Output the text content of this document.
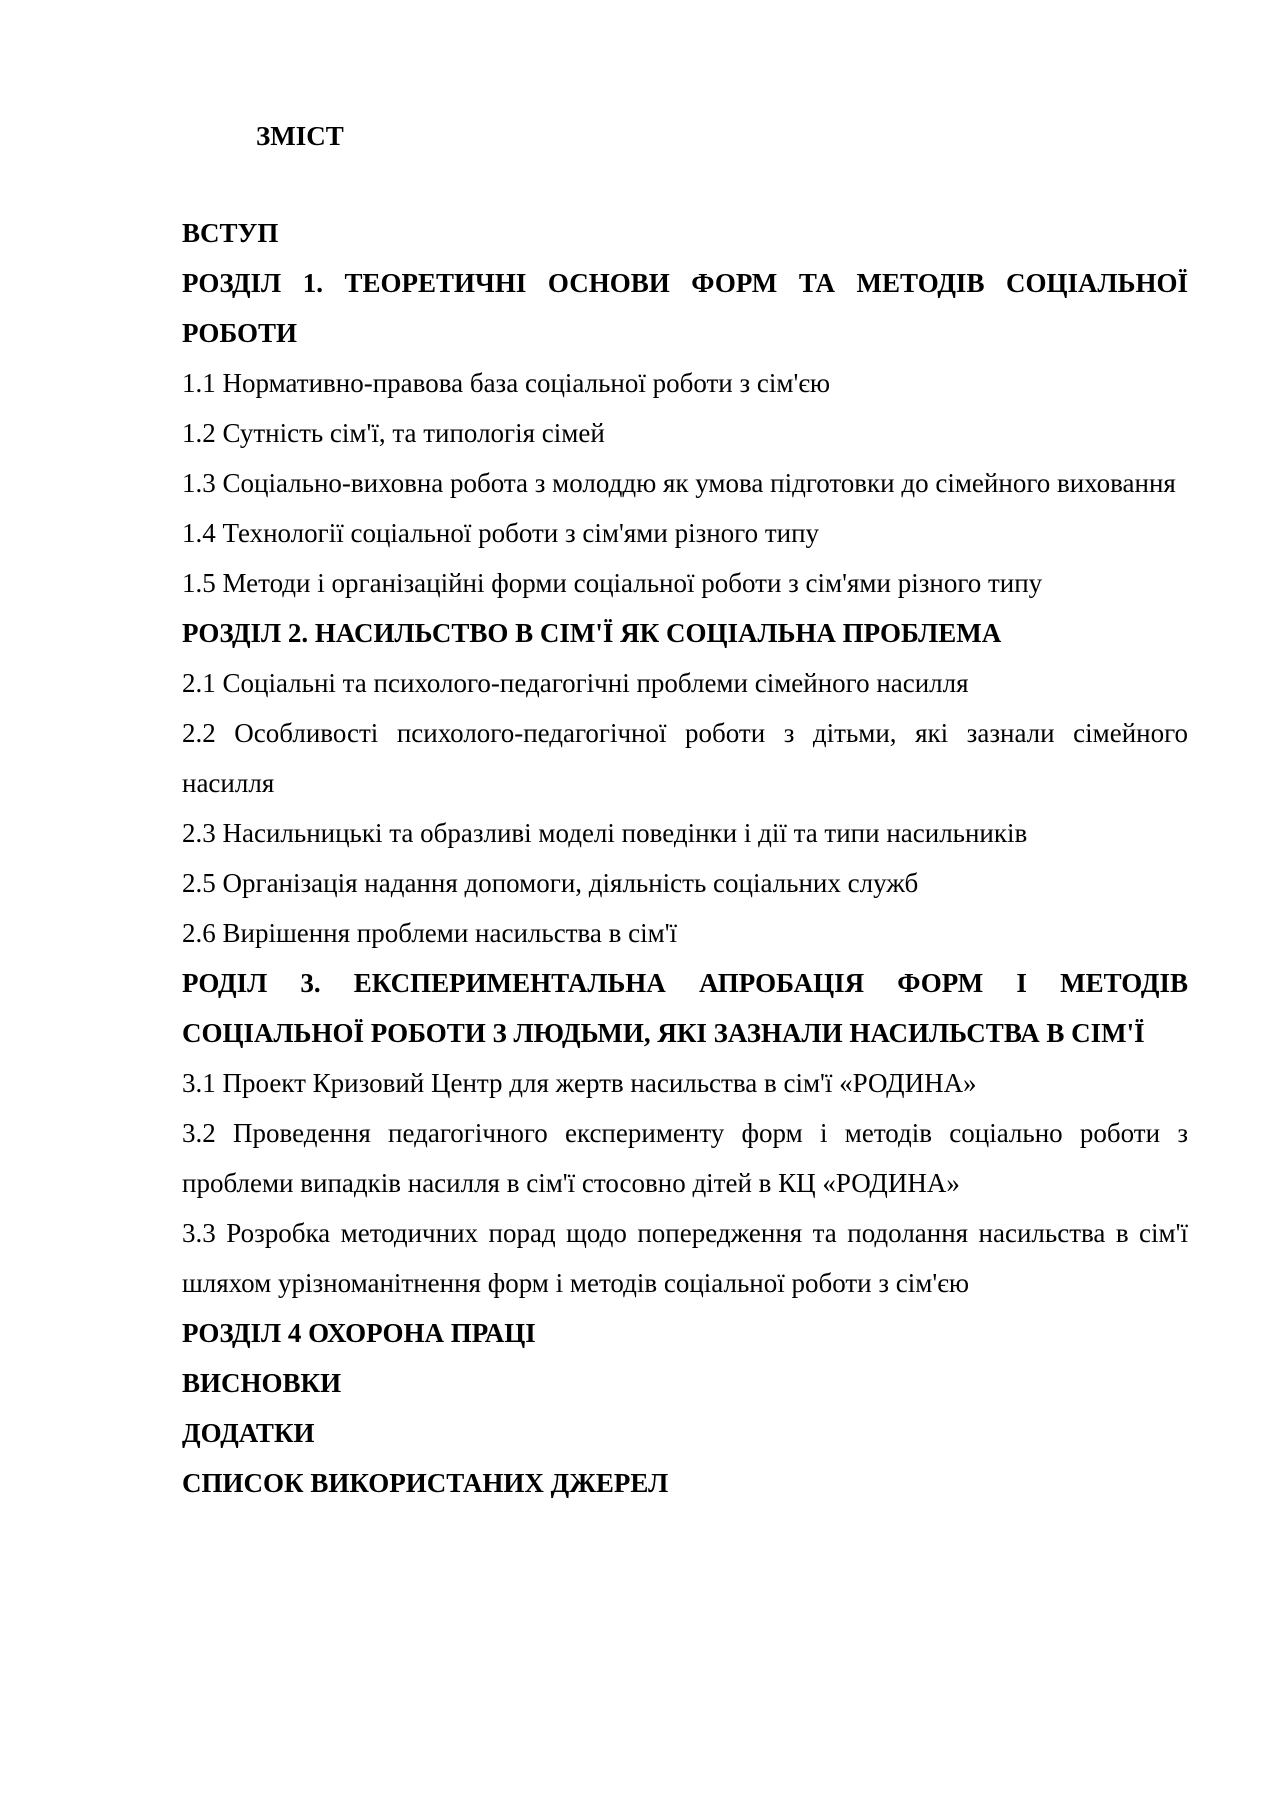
ЗМІСТ
ВСТУП
РОЗДІЛ 1. ТЕОРЕТИЧНІ ОСНОВИ ФОРМ ТА МЕТОДІВ СОЦІАЛЬНОЇ РОБОТИ
1.1 Нормативно-правова база соціальної роботи з сім'єю
1.2 Сутність сім'ї, та типологія сімей
1.3 Соціально-виховна робота з молоддю як умова підготовки до сімейного виховання
1.4 Технології соціальної роботи з сім'ями різного типу
1.5 Методи і організаційні форми соціальної роботи з сім'ями різного типу
РОЗДІЛ 2. НАСИЛЬСТВО В СІМ'Ї ЯК СОЦІАЛЬНА ПРОБЛЕМА
2.1 Соціальні та психолого-педагогічні проблеми сімейного насилля
2.2 Особливості психолого-педагогічної роботи з дітьми, які зазнали сімейного насилля
2.3 Насильницькі та образливі моделі поведінки і дії та типи насильників
2.5 Організація надання допомоги, діяльність соціальних служб
2.6 Вирішення проблеми насильства в сім'ї
РОДІЛ 3. ЕКСПЕРИМЕНТАЛЬНА АПРОБАЦІЯ ФОРМ І МЕТОДІВ СОЦІАЛЬНОЇ РОБОТИ З ЛЮДЬМИ, ЯКІ ЗАЗНАЛИ НАСИЛЬСТВА В СІМ'Ї
3.1 Проект Кризовий Центр для жертв насильства в сім'ї «РОДИНА»
3.2 Проведення педагогічного експерименту форм і методів соціально роботи з проблеми випадків насилля в сім'ї стосовно дітей в КЦ «РОДИНА»
3.3 Розробка методичних порад щодо попередження та подолання насильства в сім'ї шляхом урізноманітнення форм і методів соціальної роботи з сім'єю
РОЗДІЛ 4 ОХОРОНА ПРАЦІ
ВИСНОВКИ
ДОДАТКИ
СПИСОК ВИКОРИСТАНИХ ДЖЕРЕЛ
